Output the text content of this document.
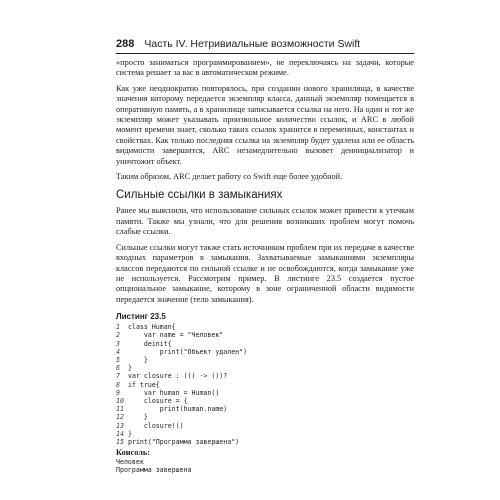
288 Часть IV. Нетривиальные возможности Swift

«просто заниматься программированием», не переключаясь на задачи, которые система решает за вас в автоматическом режиме.

Как уже неоднократно повторялось, при создании нового хранилища, в качестве значения которому передается экземпляр класса, данный экземпляр помещается в оперативную память, а в хранилище записывается ссылка на него. На один и тот же экземпляр может указывать произвольное количество ссылок, и ARC в любой момент времени знает, сколько таких ссылок хранится в переменных, константах и свойствах. Как только последняя ссылка на экземпляр будет удалена или ее область видимости завершится, ARC незамедлительно вызовет деинициализатор и уничтожит объект.

Таким образом, ARC делает работу со Swift еще более удобной.

Сильные ссылки в замыканиях

Ранее мы выяснили, что использование сильных ссылок может привести к утечкам памяти. Также мы узнали, что для решения возникших проблем могут помочь слабые ссылки.

Сильные ссылки могут также стать источником проблем при их передаче в качестве входных параметров в замыкания. Захватываемые замыканиями экземпляры классов передаются по сильной ссылке и не освобождаются, когда замыкание уже не используется. Рассмотрим пример. В листинге 23.5 создается пустое опциональное замыкание, которому в зоне ограниченной области видимости передается значение (тело замыкания).

Листинг 23.5
1	class Human{
2	var name = "Человек"
3	deinit{
4	print("Объект удален")
5	}
6	}
7	var closure : (() -> ())?
8	if true{
9	var human = Human()
10 closure = {
11 print(human.name)
12 }
13 closure!()
14 }
15 print("Программа завершена")
Консоль:
Человек
Программа завершена
